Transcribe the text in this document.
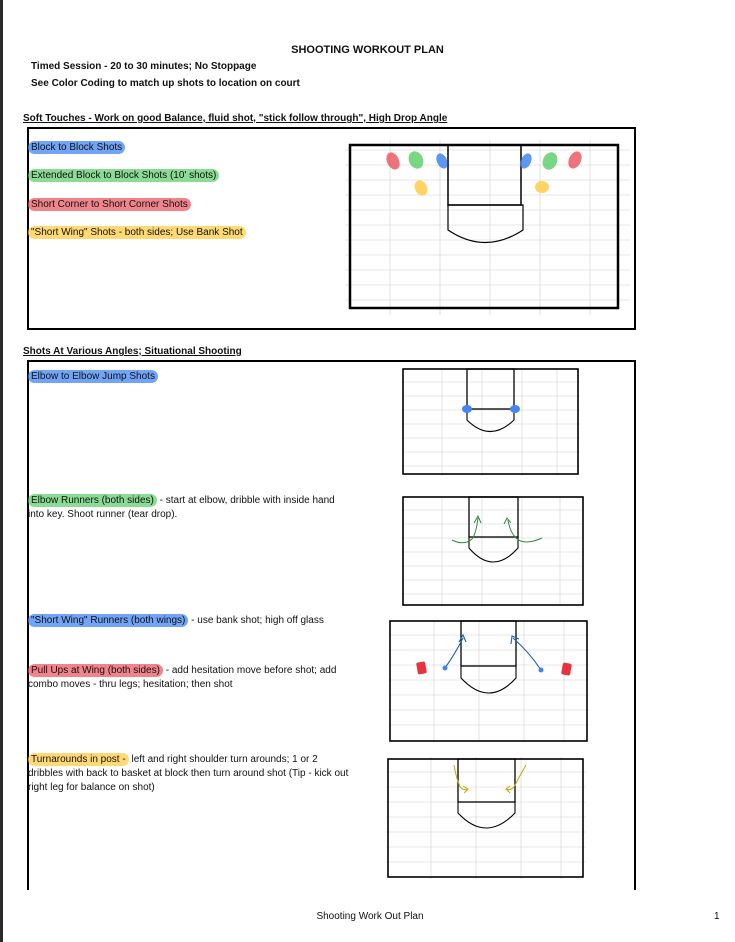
SHOOTING WORKOUT PLAN
Timed Session - 20 to 30 minutes; No Stoppage
See Color Coding to match up shots to location on court
Soft Touches - Work on good Balance, fluid shot, "stick follow through", High Drop Angle
Block to Block Shots
Extended Block to Block Shots (10' shots)
Short Corner to Short Corner Shots
"Short Wing" Shots - both sides; Use Bank Shot
Shots At Various Angles; Situational Shooting
Elbow to Elbow Jump Shots
Elbow Runners (both sides) - start at elbow, dribble with inside hand into key. Shoot runner (tear drop).
"Short Wing" Runners (both wings) - use bank shot; high off glass
Pull Ups at Wing (both sides) - add hesitation move before shot; add combo moves - thru legs; hesitation; then shot
Turnarounds in post - left and right shoulder turn arounds; 1 or 2 dribbles with back to basket at block then turn around shot (Tip - kick out right leg for balance on shot)
Shooting Work Out Plan	1
